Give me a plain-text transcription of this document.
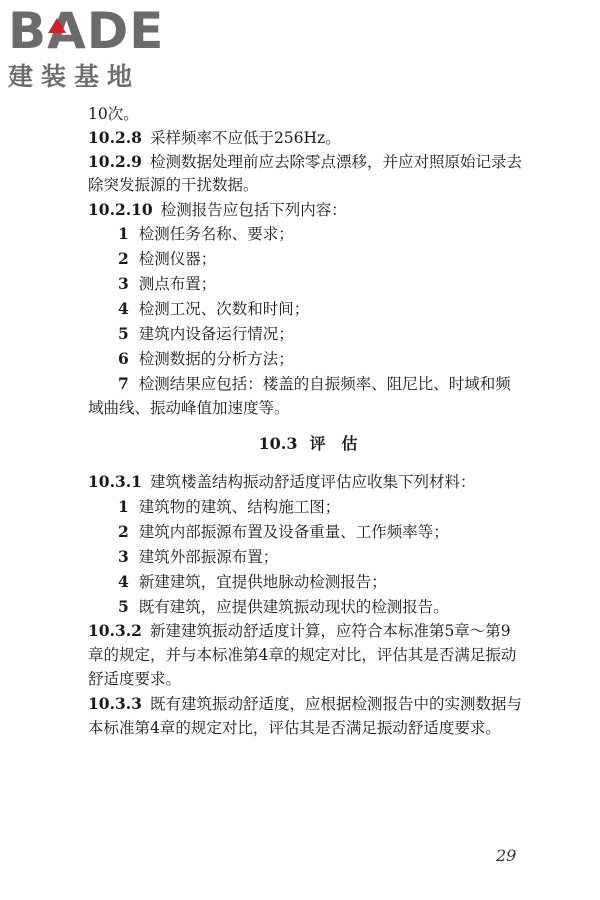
BADE
建装基地
10次。
10.2.8 采样频率不应低于256Hz。
10.2.9 检测数据处理前应去除零点漂移，并应对照原始记录去
除突发振源的干扰数据。
10.2.10 检测报告应包括下列内容：
1 检测任务名称、要求；
2 检测仪器；
3 测点布置；
4 检测工况、次数和时间；
5 建筑内设备运行情况；
6 检测数据的分析方法；
7 检测结果应包括：楼盖的自振频率、阻尼比、时域和频
域曲线、振动峰值加速度等。
10.3 评　估
10.3.1 建筑楼盖结构振动舒适度评估应收集下列材料：
1 建筑物的建筑、结构施工图；
2 建筑内部振源布置及设备重量、工作频率等；
3 建筑外部振源布置；
4 新建建筑，宜提供地脉动检测报告；
5 既有建筑，应提供建筑振动现状的检测报告。
10.3.2 新建建筑振动舒适度计算，应符合本标准第5章～第9
章的规定，并与本标准第4章的规定对比，评估其是否满足振动
舒适度要求。
10.3.3 既有建筑振动舒适度，应根据检测报告中的实测数据与
本标准第4章的规定对比，评估其是否满足振动舒适度要求。
29
